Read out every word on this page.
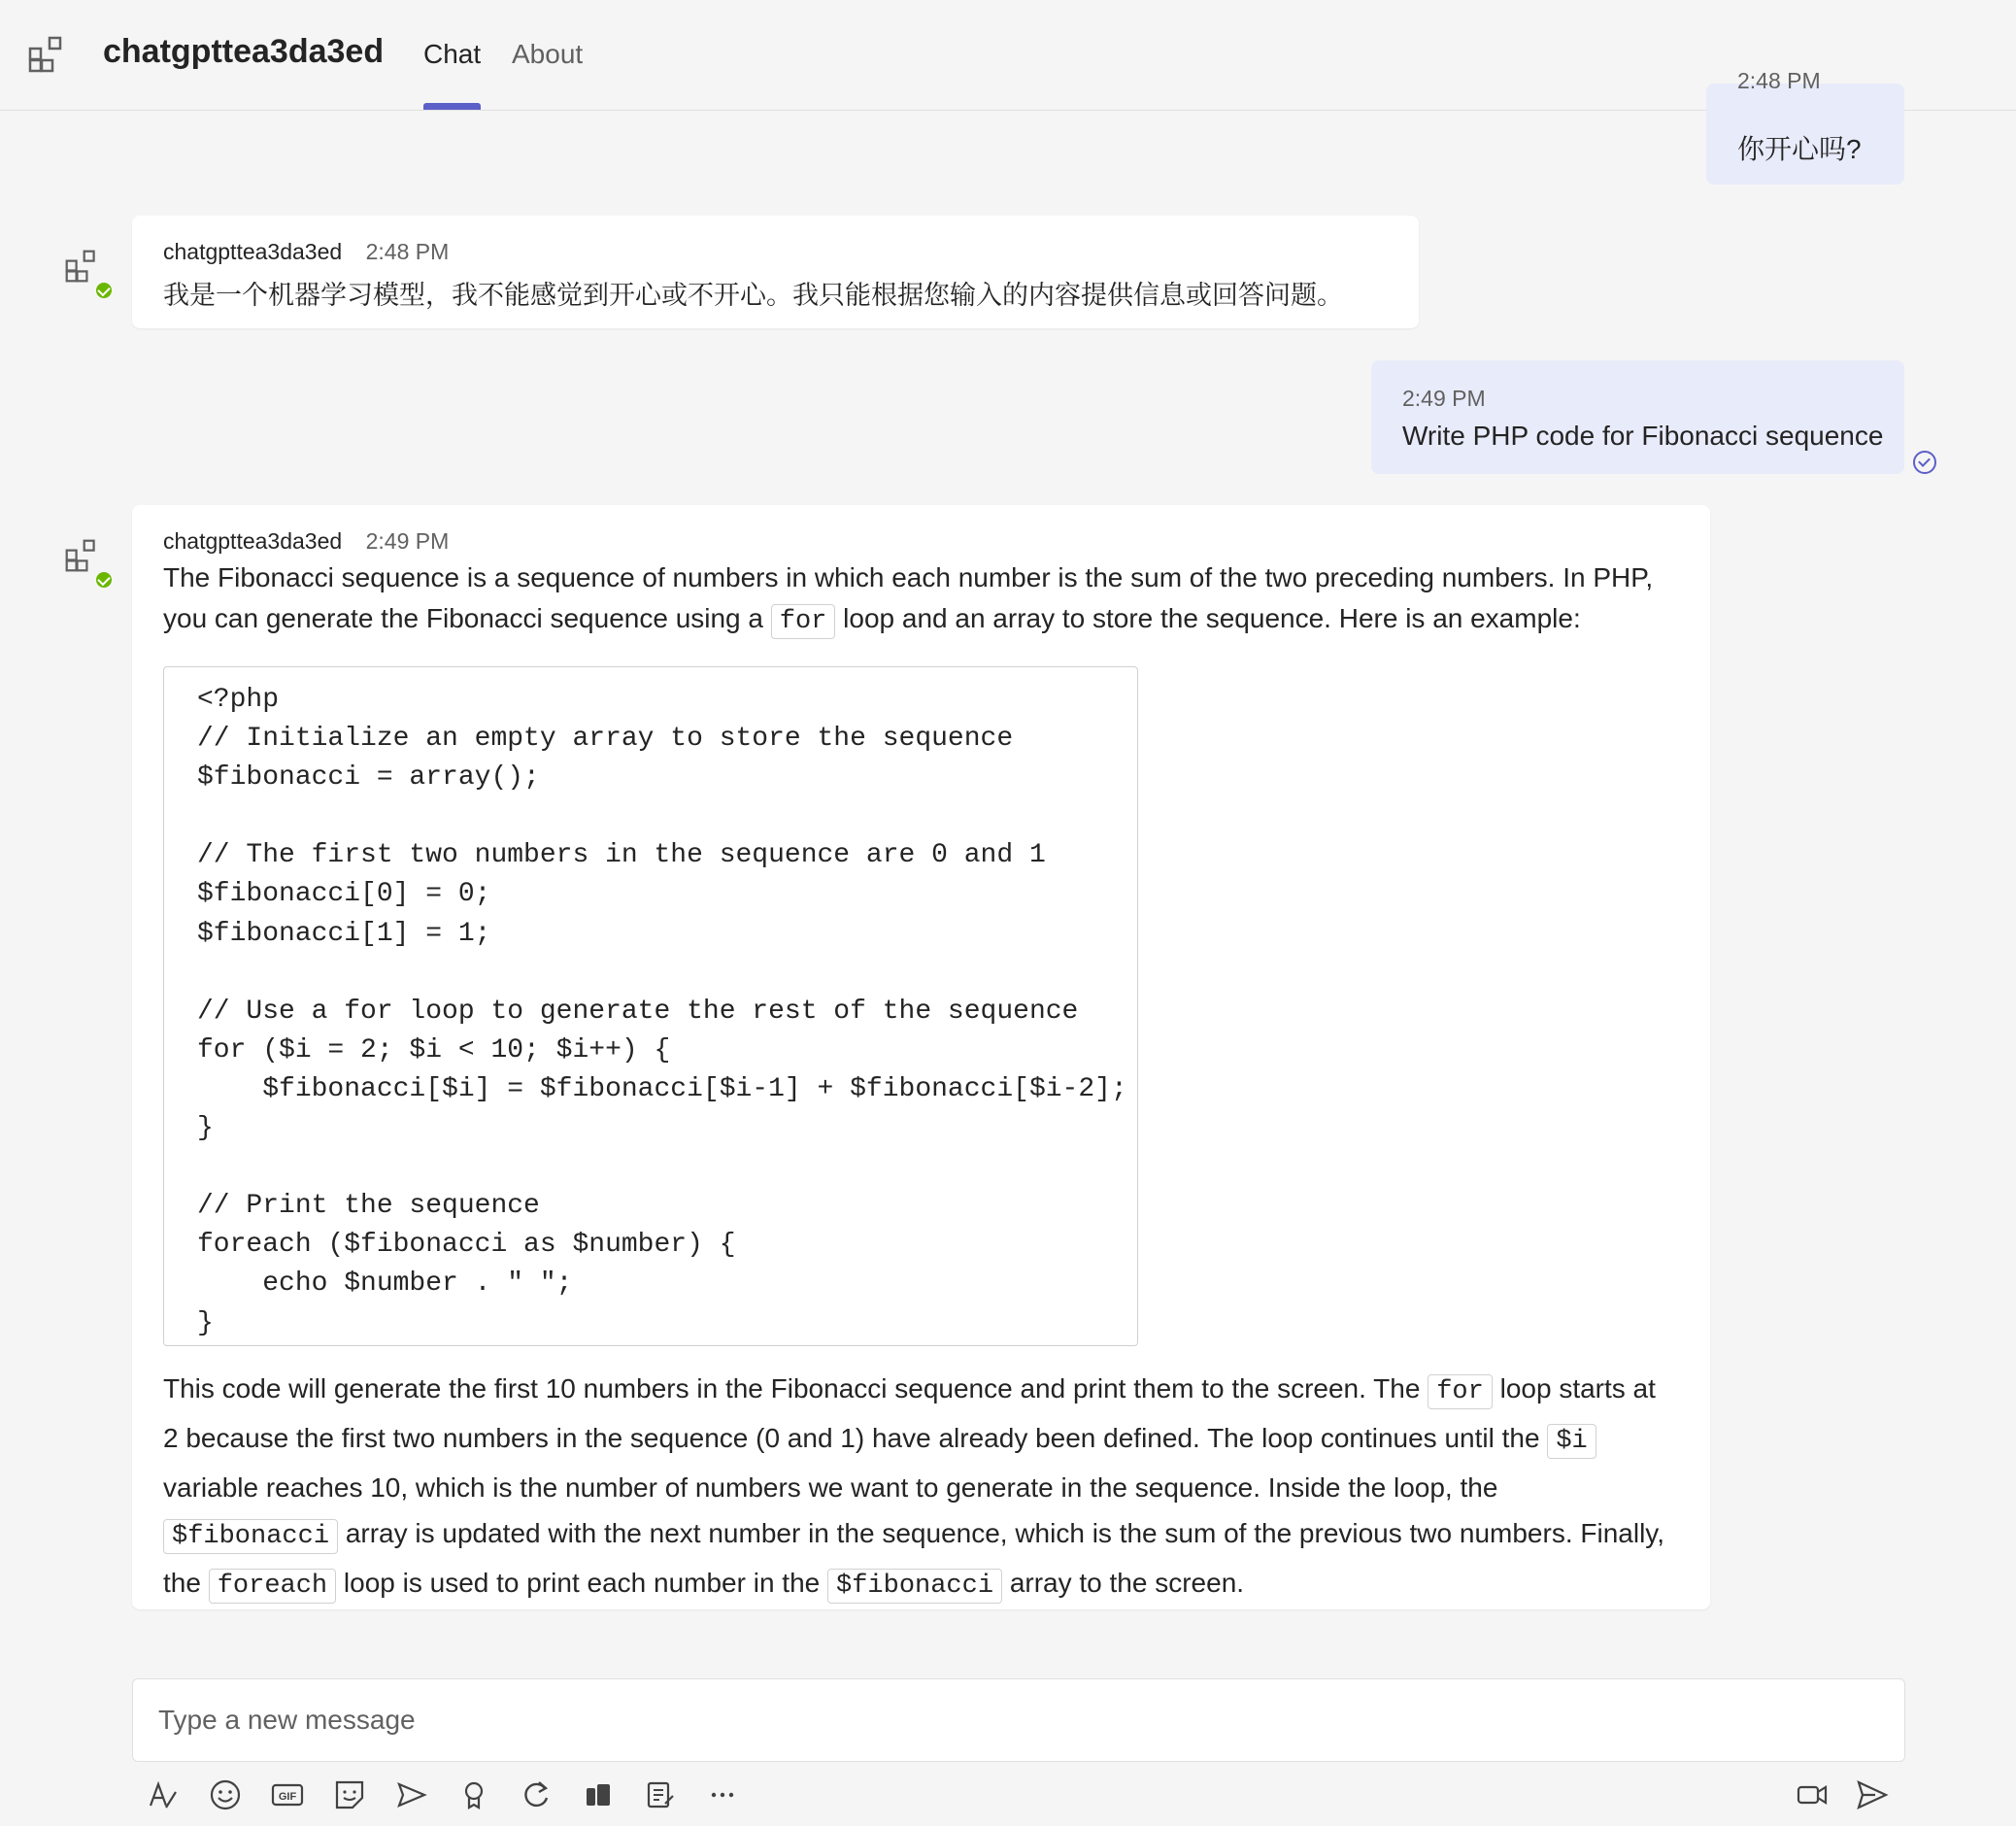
chatgpttea3da3ed Chat About
2:48 PM
你开心吗?
chatgpttea3da3ed 2:48 PM
我是一个机器学习模型，我不能感觉到开心或不开心。我只能根据您输入的内容提供信息或回答问题。
2:49 PM
Write PHP code for Fibonacci sequence
chatgpttea3da3ed 2:49 PM
The Fibonacci sequence is a sequence of numbers in which each number is the sum of the two preceding numbers. In PHP,
you can generate the Fibonacci sequence using a for loop and an array to store the sequence. Here is an example:
<?php
// Initialize an empty array to store the sequence
$fibonacci = array();
// The first two numbers in the sequence are 0 and 1
$fibonacci[0] = 0;
$fibonacci[1] = 1;
// Use a for loop to generate the rest of the sequence
for ($i = 2; $i < 10; $i++) {
$fibonacci[$i] = $fibonacci[$i-1] + $fibonacci[$i-2];
}
// Print the sequence
foreach ($fibonacci as $number) {
echo $number . " ";
}
This code will generate the first 10 numbers in the Fibonacci sequence and print them to the screen. The for loop starts at
2 because the first two numbers in the sequence (0 and 1) have already been defined. The loop continues until the $i
variable reaches 10, which is the number of numbers we want to generate in the sequence. Inside the loop, the
$fibonacci array is updated with the next number in the sequence, which is the sum of the previous two numbers. Finally,
the foreach loop is used to print each number in the $fibonacci array to the screen.
Type a new message
GIF
